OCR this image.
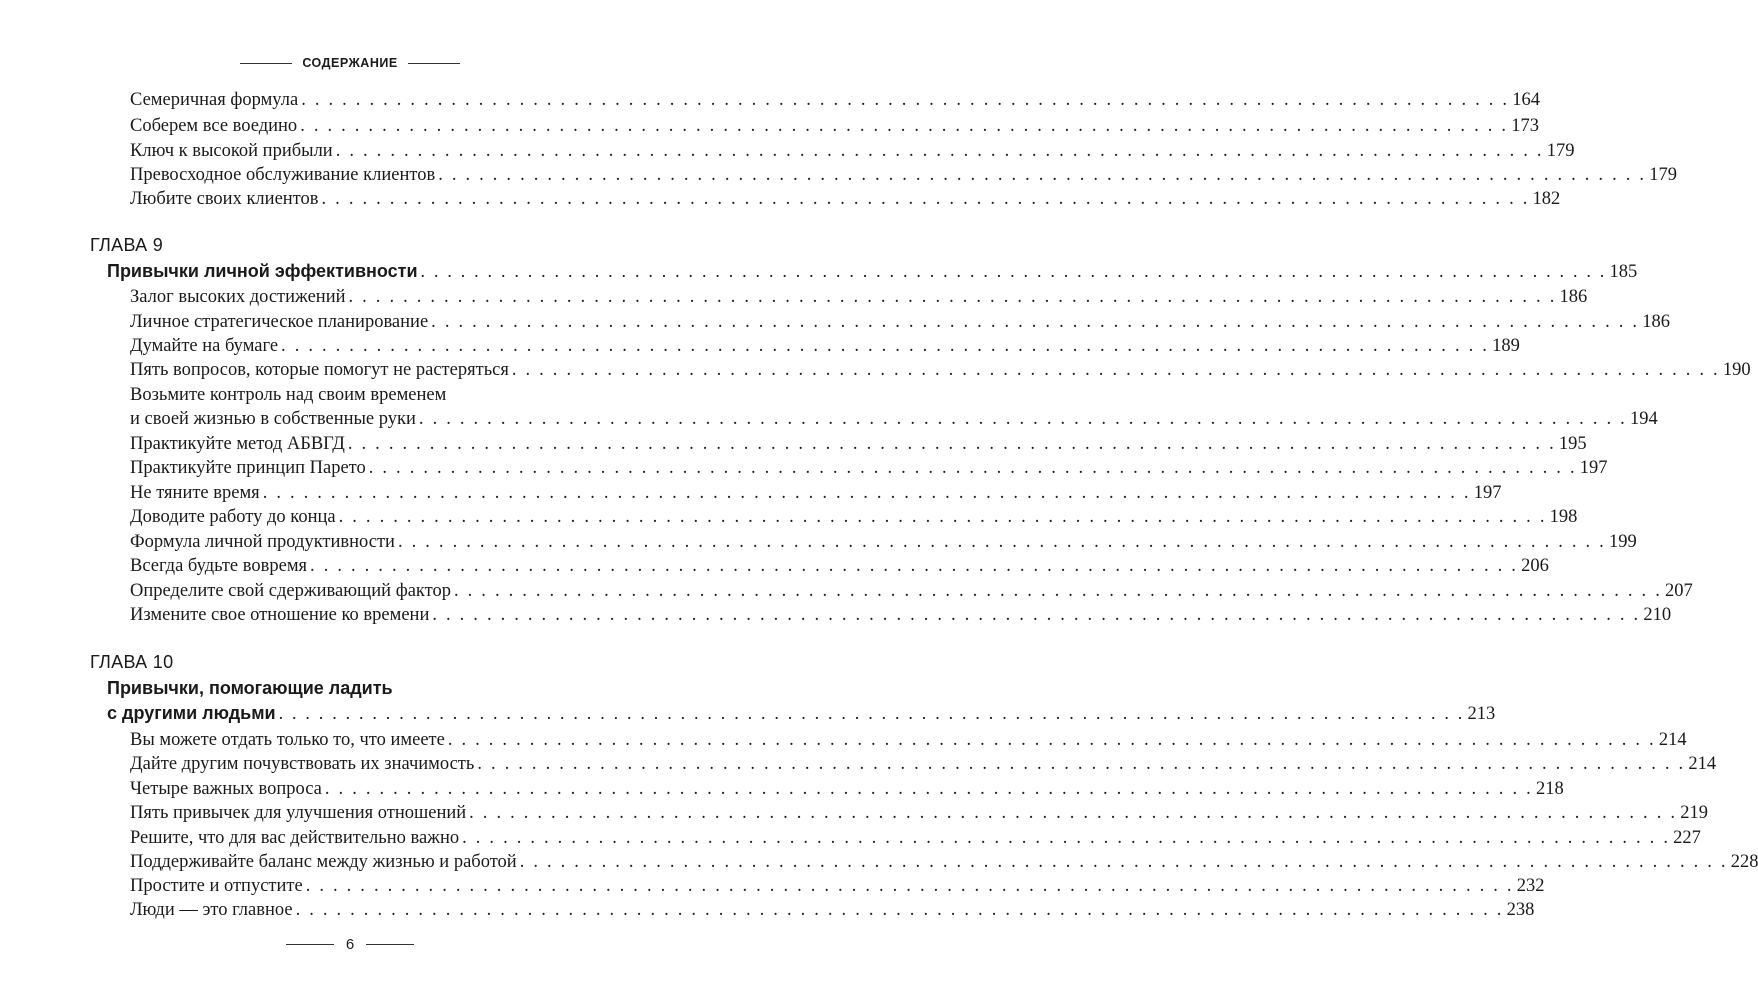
СОДЕРЖАНИЕ
Семеричная формула . . . . . . . . . . . . . . . . . . . . . . . . . . . . . . . . . . . . . . . . . . . . . . . . . . . . . . . . . . . . . . . . . . . . . . . . . . . . . . . . . . . . . . . . . 164
Соберем все воедино . . . . . . . . . . . . . . . . . . . . . . . . . . . . . . . . . . . . . . . . . . . . . . . . . . . . . . . . . . . . . . . . . . . . . . . . . . . . . . . . . . . . . . . . . 173
Ключ к высокой прибыли . . . . . . . . . . . . . . . . . . . . . . . . . . . . . . . . . . . . . . . . . . . . . . . . . . . . . . . . . . . . . . . . . . . . . . . . . . . . . . . . . . . . . . . . . 179
Превосходное обслуживание клиентов . . . . . . . . . . . . . . . . . . . . . . . . . . . . . . . . . . . . . . . . . . . . . . . . . . . . . . . . . . . . . . . . . . . . . . . . . . . . . . . . . . . . . . . . . 179
Любите своих клиентов . . . . . . . . . . . . . . . . . . . . . . . . . . . . . . . . . . . . . . . . . . . . . . . . . . . . . . . . . . . . . . . . . . . . . . . . . . . . . . . . . . . . . . . . . 182
ГЛАВА 9
Привычки личной эффективности . . . . . . . . . . . . . . . . . . . . . . . . . . . . . . . . . . . . . . . . . . . . . . . . . . . . . . . . . . . . . . . . . . . . . . . . . . . . . . . . . . . . . . . . . 185
Залог высоких достижений . . . . . . . . . . . . . . . . . . . . . . . . . . . . . . . . . . . . . . . . . . . . . . . . . . . . . . . . . . . . . . . . . . . . . . . . . . . . . . . . . . . . . . . . . 186
Личное стратегическое планирование . . . . . . . . . . . . . . . . . . . . . . . . . . . . . . . . . . . . . . . . . . . . . . . . . . . . . . . . . . . . . . . . . . . . . . . . . . . . . . . . . . . . . . . . . 186
Думайте на бумаге . . . . . . . . . . . . . . . . . . . . . . . . . . . . . . . . . . . . . . . . . . . . . . . . . . . . . . . . . . . . . . . . . . . . . . . . . . . . . . . . . . . . . . . . . 189
Пять вопросов, которые помогут не растеряться . . . . . . . . . . . . . . . . . . . . . . . . . . . . . . . . . . . . . . . . . . . . . . . . . . . . . . . . . . . . . . . . . . . . . . . . . . . . . . . . . . . . . . . . . 190
Возьмите контроль над своим временем
и своей жизнью в собственные руки . . . . . . . . . . . . . . . . . . . . . . . . . . . . . . . . . . . . . . . . . . . . . . . . . . . . . . . . . . . . . . . . . . . . . . . . . . . . . . . . . . . . . . . . . 194
Практикуйте метод АБВГД . . . . . . . . . . . . . . . . . . . . . . . . . . . . . . . . . . . . . . . . . . . . . . . . . . . . . . . . . . . . . . . . . . . . . . . . . . . . . . . . . . . . . . . . . 195
Практикуйте принцип Парето . . . . . . . . . . . . . . . . . . . . . . . . . . . . . . . . . . . . . . . . . . . . . . . . . . . . . . . . . . . . . . . . . . . . . . . . . . . . . . . . . . . . . . . . . 197
Не тяните время . . . . . . . . . . . . . . . . . . . . . . . . . . . . . . . . . . . . . . . . . . . . . . . . . . . . . . . . . . . . . . . . . . . . . . . . . . . . . . . . . . . . . . . . . 197
Доводите работу до конца . . . . . . . . . . . . . . . . . . . . . . . . . . . . . . . . . . . . . . . . . . . . . . . . . . . . . . . . . . . . . . . . . . . . . . . . . . . . . . . . . . . . . . . . . 198
Формула личной продуктивности . . . . . . . . . . . . . . . . . . . . . . . . . . . . . . . . . . . . . . . . . . . . . . . . . . . . . . . . . . . . . . . . . . . . . . . . . . . . . . . . . . . . . . . . . 199
Всегда будьте вовремя . . . . . . . . . . . . . . . . . . . . . . . . . . . . . . . . . . . . . . . . . . . . . . . . . . . . . . . . . . . . . . . . . . . . . . . . . . . . . . . . . . . . . . . . . 206
Определите свой сдерживающий фактор . . . . . . . . . . . . . . . . . . . . . . . . . . . . . . . . . . . . . . . . . . . . . . . . . . . . . . . . . . . . . . . . . . . . . . . . . . . . . . . . . . . . . . . . . 207
Измените свое отношение ко времени . . . . . . . . . . . . . . . . . . . . . . . . . . . . . . . . . . . . . . . . . . . . . . . . . . . . . . . . . . . . . . . . . . . . . . . . . . . . . . . . . . . . . . . . . 210
ГЛАВА 10
Привычки, помогающие ладить
с другими людьми . . . . . . . . . . . . . . . . . . . . . . . . . . . . . . . . . . . . . . . . . . . . . . . . . . . . . . . . . . . . . . . . . . . . . . . . . . . . . . . . . . . . . . . . . 213
Вы можете отдать только то, что имеете . . . . . . . . . . . . . . . . . . . . . . . . . . . . . . . . . . . . . . . . . . . . . . . . . . . . . . . . . . . . . . . . . . . . . . . . . . . . . . . . . . . . . . . . . 214
Дайте другим почувствовать их значимость . . . . . . . . . . . . . . . . . . . . . . . . . . . . . . . . . . . . . . . . . . . . . . . . . . . . . . . . . . . . . . . . . . . . . . . . . . . . . . . . . . . . . . . . . 214
Четыре важных вопроса . . . . . . . . . . . . . . . . . . . . . . . . . . . . . . . . . . . . . . . . . . . . . . . . . . . . . . . . . . . . . . . . . . . . . . . . . . . . . . . . . . . . . . . . . 218
Пять привычек для улучшения отношений . . . . . . . . . . . . . . . . . . . . . . . . . . . . . . . . . . . . . . . . . . . . . . . . . . . . . . . . . . . . . . . . . . . . . . . . . . . . . . . . . . . . . . . . . 219
Решите, что для вас действительно важно . . . . . . . . . . . . . . . . . . . . . . . . . . . . . . . . . . . . . . . . . . . . . . . . . . . . . . . . . . . . . . . . . . . . . . . . . . . . . . . . . . . . . . . . . 227
Поддерживайте баланс между жизнью и работой . . . . . . . . . . . . . . . . . . . . . . . . . . . . . . . . . . . . . . . . . . . . . . . . . . . . . . . . . . . . . . . . . . . . . . . . . . . . . . . . . . . . . . . . . 228
Простите и отпустите . . . . . . . . . . . . . . . . . . . . . . . . . . . . . . . . . . . . . . . . . . . . . . . . . . . . . . . . . . . . . . . . . . . . . . . . . . . . . . . . . . . . . . . . . 232
Люди — это главное . . . . . . . . . . . . . . . . . . . . . . . . . . . . . . . . . . . . . . . . . . . . . . . . . . . . . . . . . . . . . . . . . . . . . . . . . . . . . . . . . . . . . . . . . 238
6
